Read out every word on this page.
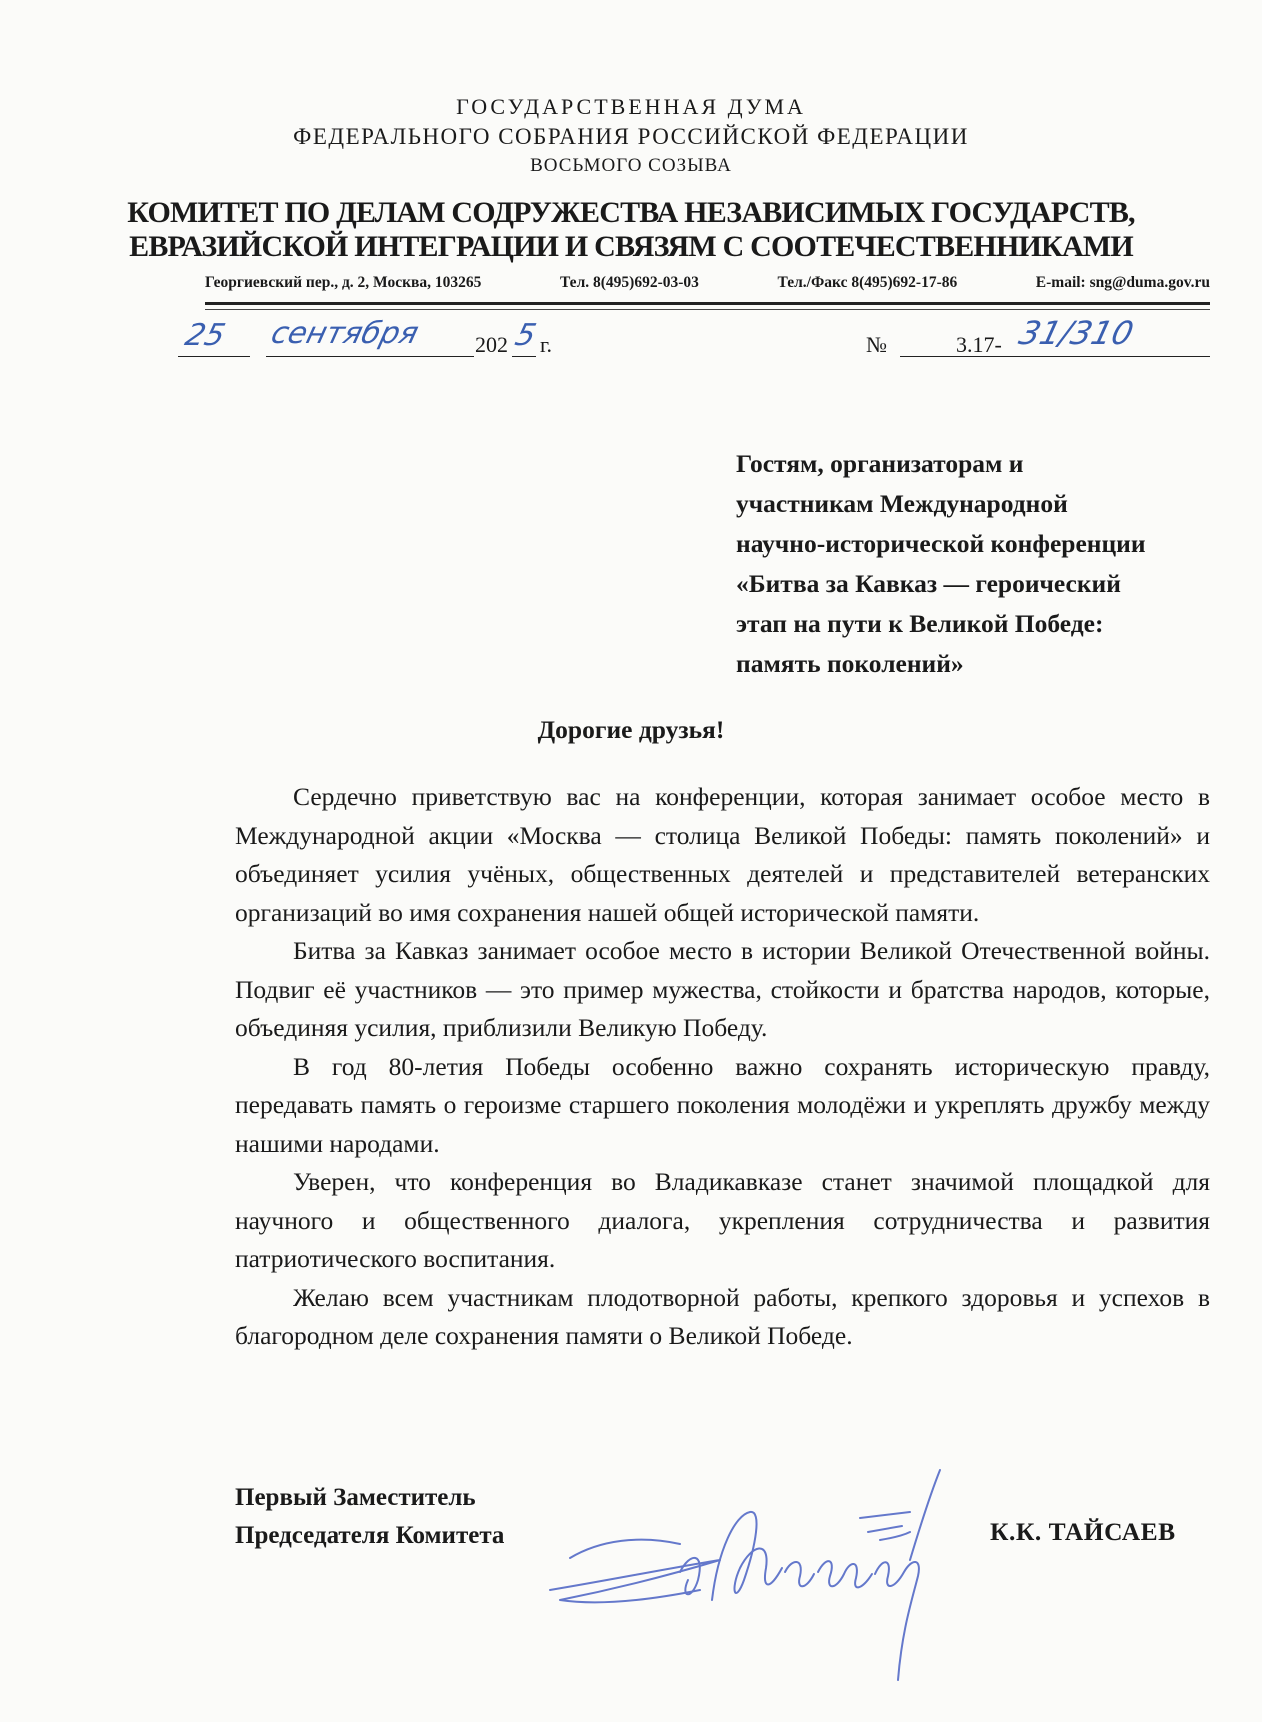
ГОСУДАРСТВЕННАЯ ДУМА
ФЕДЕРАЛЬНОГО СОБРАНИЯ РОССИЙСКОЙ ФЕДЕРАЦИИ
ВОСЬМОГО СОЗЫВА
КОМИТЕТ ПО ДЕЛАМ СОДРУЖЕСТВА НЕЗАВИСИМЫХ ГОСУДАРСТВ,
ЕВРАЗИЙСКОЙ ИНТЕГРАЦИИ И СВЯЗЯМ С СООТЕЧЕСТВЕННИКАМИ
Георгиевский пер., д. 2, Москва, 103265	Тел. 8(495)692-03-03	Тел./Факс 8(495)692-17-86	E-mail: sng@duma.gov.ru
25 сентября 202 5 г.	№	3.17- 31/310
Гостям, организаторам и
участникам Международной
научно-исторической конференции
«Битва за Кавказ — героический
этап на пути к Великой Победе:
память поколений»
Дорогие друзья!

Сердечно приветствую вас на конференции, которая занимает особое место в Международной акции «Москва — столица Великой Победы: память поколений» и объединяет усилия учёных, общественных деятелей и представителей ветеранских организаций во имя сохранения нашей общей исторической памяти.

Битва за Кавказ занимает особое место в истории Великой Отечественной войны. Подвиг её участников — это пример мужества, стойкости и братства народов, которые, объединяя усилия, приблизили Великую Победу.

В год 80-летия Победы особенно важно сохранять историческую правду, передавать память о героизме старшего поколения молодёжи и укреплять дружбу между нашими народами.

Уверен, что конференция во Владикавказе станет значимой площадкой для научного и общественного диалога, укрепления сотрудничества и развития патриотического воспитания.

Желаю всем участникам плодотворной работы, крепкого здоровья и успехов в благородном деле сохранения памяти о Великой Победе.

Первый Заместитель
Председателя Комитета	К.К. ТАЙСАЕВ
